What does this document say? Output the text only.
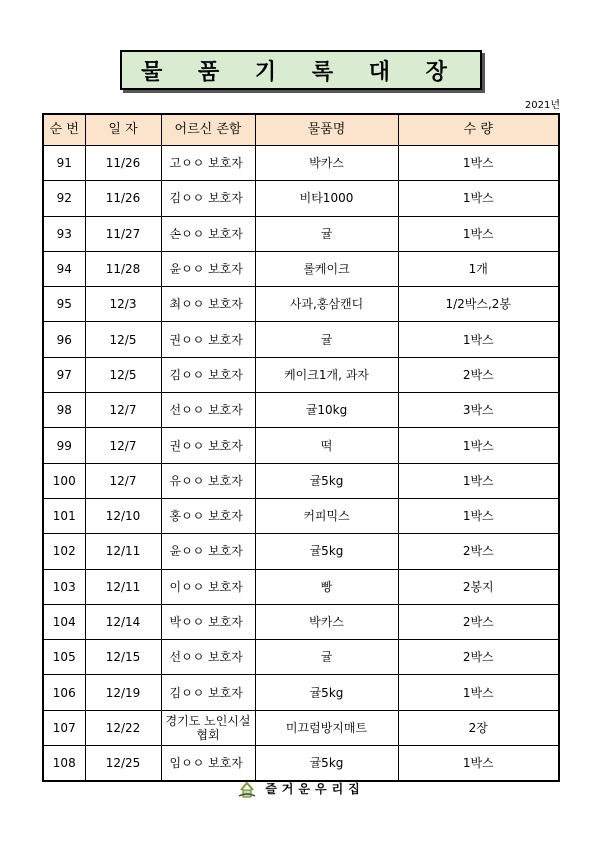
물 품 기 록 대 장
2021년
순 번	일 자	어르신 존함	물품명	수 량
91	11/26	고ㅇㅇ 보호자	박카스	1박스
92	11/26	김ㅇㅇ 보호자	비타1000	1박스
93	11/27	손ㅇㅇ 보호자	귤	1박스
94	11/28	윤ㅇㅇ 보호자	롤케이크	1개
95	12/3	최ㅇㅇ 보호자	사과,홍삼캔디	1/2박스,2봉
96	12/5	권ㅇㅇ 보호자	귤	1박스
97	12/5	김ㅇㅇ 보호자	케이크1개, 과자	2박스
98	12/7	선ㅇㅇ 보호자	귤10kg	3박스
99	12/7	권ㅇㅇ 보호자	떡	1박스
100	12/7	유ㅇㅇ 보호자	귤5kg	1박스
101	12/10	홍ㅇㅇ 보호자	커피믹스	1박스
102	12/11	윤ㅇㅇ 보호자	귤5kg	2박스
103	12/11	이ㅇㅇ 보호자	빵	2봉지
104	12/14	박ㅇㅇ 보호자	박카스	2박스
105	12/15	선ㅇㅇ 보호자	귤	2박스
106	12/19	김ㅇㅇ 보호자	귤5kg	1박스
107	12/22	경기도 노인시설협회	미끄럼방지매트	2장
108	12/25	임ㅇㅇ 보호자	귤5kg	1박스
즐거운우리집
